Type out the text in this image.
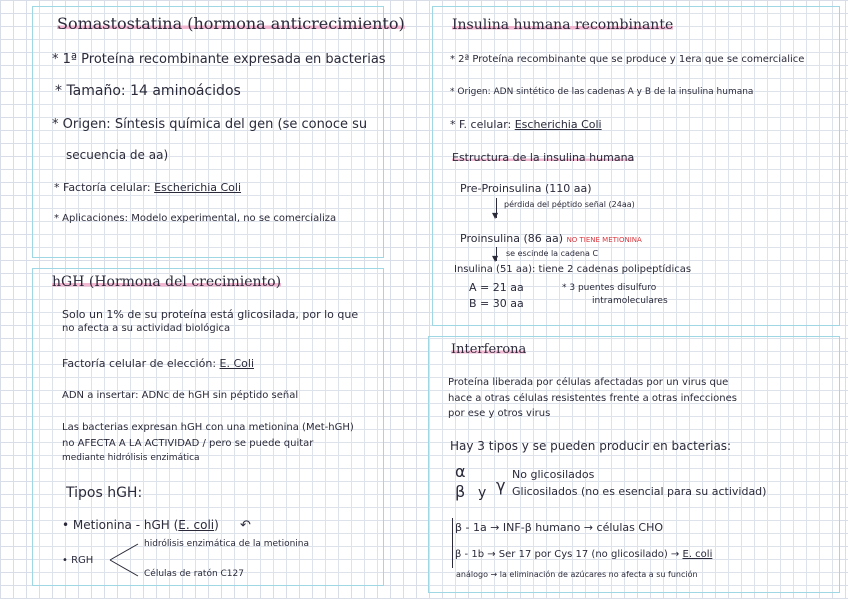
Somastostatina (hormona anticrecimiento)
* 1ª Proteína recombinante expresada en bacterias
* Tamaño: 14 aminoácidos
* Origen: Síntesis química del gen (se conoce su
secuencia de aa)
* Factoría celular: Escherichia Coli
* Aplicaciones: Modelo experimental, no se comercializa
Insulina humana recombinante
* 2ª Proteína recombinante que se produce y 1era que se comercialice
* Origen: ADN sintético de las cadenas A y B de la insulina humana
* F. celular: Escherichia Coli
Estructura de la insulina humana
Pre-Proinsulina (110 aa)
▼
pérdida del péptido señal (24aa)
Proinsulina (86 aa) NO TIENE METIONINA
▼
se escinde la cadena C
Insulina (51 aa): tiene 2 cadenas polipeptídicas
A = 21 aa
B = 30 aa
* 3 puentes disulfuro
intramoleculares
hGH (Hormona del crecimiento)
Solo un 1% de su proteína está glicosilada, por lo que
no afecta a su actividad biológica
Factoría celular de elección: E. Coli
ADN a insertar: ADNc de hGH sin péptido señal
Las bacterias expresan hGH con una metionina (Met-hGH)
no AFECTA A LA ACTIVIDAD / pero se puede quitar
mediante hidrólisis enzimática
Tipos hGH:
• Metionina - hGH (E. coli) ↶
• RGH
hidrólisis enzimática de la metionina
Células de ratón C127
Interferona
Proteína liberada por células afectadas por un virus que
hace a otras células resistentes frente a otras infecciones
por ese y otros virus
Hay 3 tipos y se pueden producir en bacterias:
α
β y γ
No glicosilados
Glicosilados (no es esencial para su actividad)
β - 1a → INF-β humano → células CHO
β - 1b → Ser 17 por Cys 17 (no glicosilado) → E. coli
análogo → la eliminación de azúcares no afecta a su función
